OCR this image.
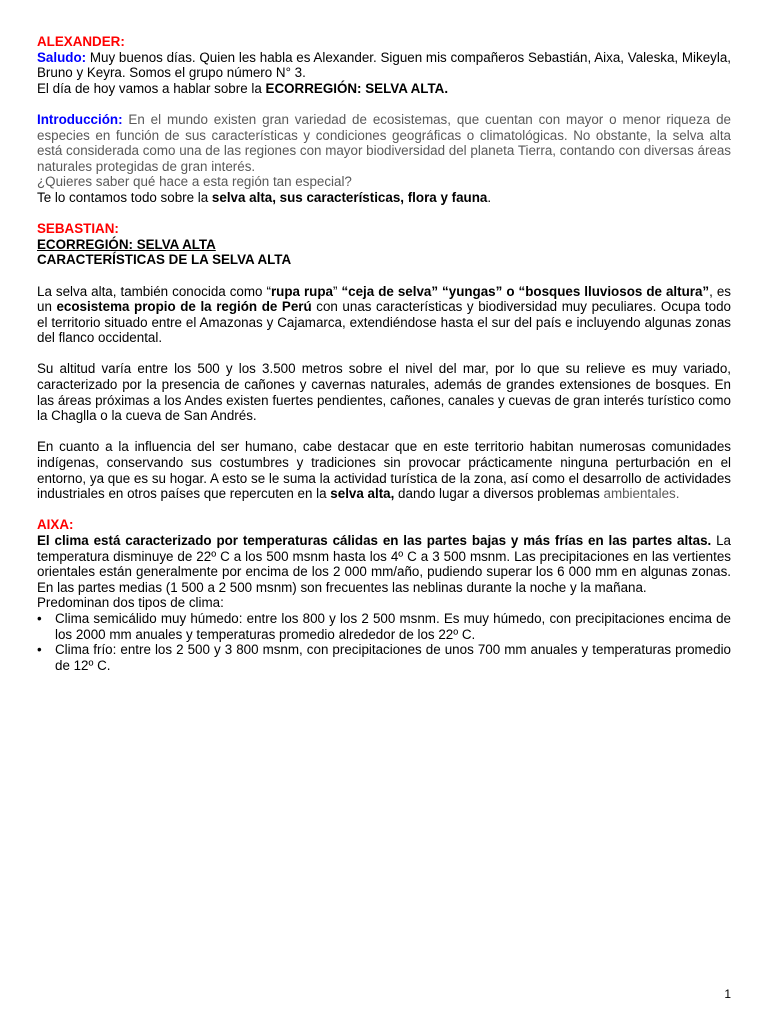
ALEXANDER:

Saludo: Muy buenos días. Quien les habla es Alexander. Siguen mis compañeros Sebastián, Aixa, Valeska, Mikeyla, Bruno y Keyra. Somos el grupo número N° 3.

El día de hoy vamos a hablar sobre la ECORREGIÓN: SELVA ALTA.

Introducción: En el mundo existen gran variedad de ecosistemas, que cuentan con mayor o menor riqueza de especies en función de sus características y condiciones geográficas o climatológicas. No obstante, la selva alta está considerada como una de las regiones con mayor biodiversidad del planeta Tierra, contando con diversas áreas naturales protegidas de gran interés.

¿Quieres saber qué hace a esta región tan especial?

Te lo contamos todo sobre la selva alta, sus características, flora y fauna.

SEBASTIAN:

ECORREGIÓN: SELVA ALTA

CARACTERÍSTICAS DE LA SELVA ALTA

La selva alta, también conocida como “rupa rupa” “ceja de selva” “yungas” o “bosques lluviosos de altura”, es un ecosistema propio de la región de Perú con unas características y biodiversidad muy peculiares. Ocupa todo el territorio situado entre el Amazonas y Cajamarca, extendiéndose hasta el sur del país e incluyendo algunas zonas del flanco occidental.

Su altitud varía entre los 500 y los 3.500 metros sobre el nivel del mar, por lo que su relieve es muy variado, caracterizado por la presencia de cañones y cavernas naturales, además de grandes extensiones de bosques. En las áreas próximas a los Andes existen fuertes pendientes, cañones, canales y cuevas de gran interés turístico como la Chaglla o la cueva de San Andrés.

En cuanto a la influencia del ser humano, cabe destacar que en este territorio habitan numerosas comunidades indígenas, conservando sus costumbres y tradiciones sin provocar prácticamente ninguna perturbación en el entorno, ya que es su hogar. A esto se le suma la actividad turística de la zona, así como el desarrollo de actividades industriales en otros países que repercuten en la selva alta, dando lugar a diversos problemas ambientales.

AIXA:

El clima está caracterizado por temperaturas cálidas en las partes bajas y más frías en las partes altas. La temperatura disminuye de 22º C a los 500 msnm hasta los 4º C a 3 500 msnm. Las precipitaciones en las vertientes orientales están generalmente por encima de los 2 000 mm/año, pudiendo superar los 6 000 mm en algunas zonas. En las partes medias (1 500 a 2 500 msnm) son frecuentes las neblinas durante la noche y la mañana.

Predominan dos tipos de clima:

• Clima semicálido muy húmedo: entre los 800 y los 2 500 msnm. Es muy húmedo, con precipitaciones encima de los 2000 mm anuales y temperaturas promedio alrededor de los 22º C.
• Clima frío: entre los 2 500 y 3 800 msnm, con precipitaciones de unos 700 mm anuales y temperaturas promedio de 12º C.
1
